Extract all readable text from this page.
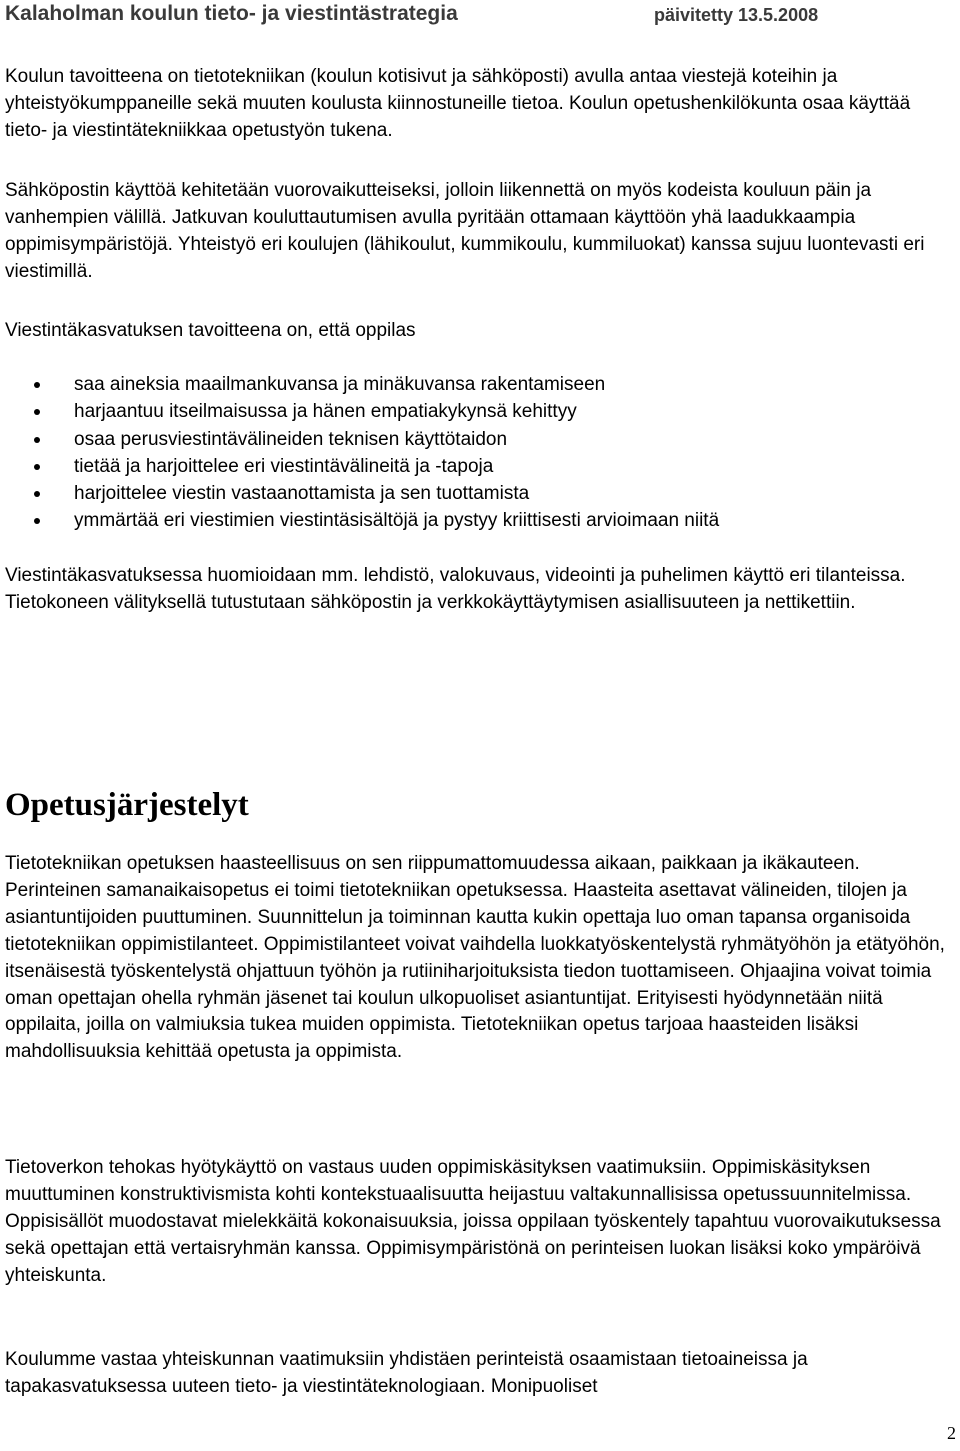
Kalaholman koulun tieto- ja viestintästrategia	päivitetty 13.5.2008

Koulun tavoitteena on tietotekniikan (koulun kotisivut ja sähköposti) avulla antaa viestejä koteihin ja yhteistyökumppaneille sekä muuten koulusta kiinnostuneille tietoa. Koulun opetushenkilökunta osaa käyttää tieto- ja viestintätekniikkaa opetustyön tukena.

Sähköpostin käyttöä kehitetään vuorovaikutteiseksi, jolloin liikennettä on myös kodeista kouluun päin ja vanhempien välillä. Jatkuvan kouluttautumisen avulla pyritään ottamaan käyttöön yhä laadukkaampia oppimisympäristöjä. Yhteistyö eri koulujen (lähikoulut, kummikoulu, kummiluokat) kanssa sujuu luontevasti eri viestimillä.

Viestintäkasvatuksen tavoitteena on, että oppilas

saa aineksia maailmankuvansa ja minäkuvansa rakentamiseen
harjaantuu itseilmaisussa ja hänen empatiakykynsä kehittyy
osaa perusviestintävälineiden teknisen käyttötaidon
tietää ja harjoittelee eri viestintävälineitä ja -tapoja
harjoittelee viestin vastaanottamista ja sen tuottamista
ymmärtää eri viestimien viestintäsisältöjä ja pystyy kriittisesti arvioimaan niitä

Viestintäkasvatuksessa huomioidaan mm. lehdistö, valokuvaus, videointi ja puhelimen käyttö eri tilanteissa. Tietokoneen välityksellä tutustutaan sähköpostin ja verkkokäyttäytymisen asiallisuuteen ja nettikettiin.

Opetusjärjestelyt

Tietotekniikan opetuksen haasteellisuus on sen riippumattomuudessa aikaan, paikkaan ja ikäkauteen. Perinteinen samanaikaisopetus ei toimi tietotekniikan opetuksessa. Haasteita asettavat välineiden, tilojen ja asiantuntijoiden puuttuminen. Suunnittelun ja toiminnan kautta kukin opettaja luo oman tapansa organisoida tietotekniikan oppimistilanteet. Oppimistilanteet voivat vaihdella luokkatyöskentelystä ryhmätyöhön ja etätyöhön, itsenäisestä työskentelystä ohjattuun työhön ja rutiiniharjoituksista tiedon tuottamiseen. Ohjaajina voivat toimia oman opettajan ohella ryhmän jäsenet tai koulun ulkopuoliset asiantuntijat. Erityisesti hyödynnetään niitä oppilaita, joilla on valmiuksia tukea muiden oppimista. Tietotekniikan opetus tarjoaa haasteiden lisäksi mahdollisuuksia kehittää opetusta ja oppimista.

Tietoverkon tehokas hyötykäyttö on vastaus uuden oppimiskäsityksen vaatimuksiin. Oppimiskäsityksen muuttuminen konstruktivismista kohti kontekstuaalisuutta heijastuu valtakunnallisissa opetussuunnitelmissa. Oppisisällöt muodostavat mielekkäitä kokonaisuuksia, joissa oppilaan työskentely tapahtuu vuorovaikutuksessa sekä opettajan että vertaisryhmän kanssa. Oppimisympäristönä on perinteisen luokan lisäksi koko ympäröivä yhteiskunta.

Koulumme vastaa yhteiskunnan vaatimuksiin yhdistäen perinteistä osaamistaan tietoaineissa ja tapakasvatuksessa uuteen tieto- ja viestintäteknologiaan. Monipuoliset

2
